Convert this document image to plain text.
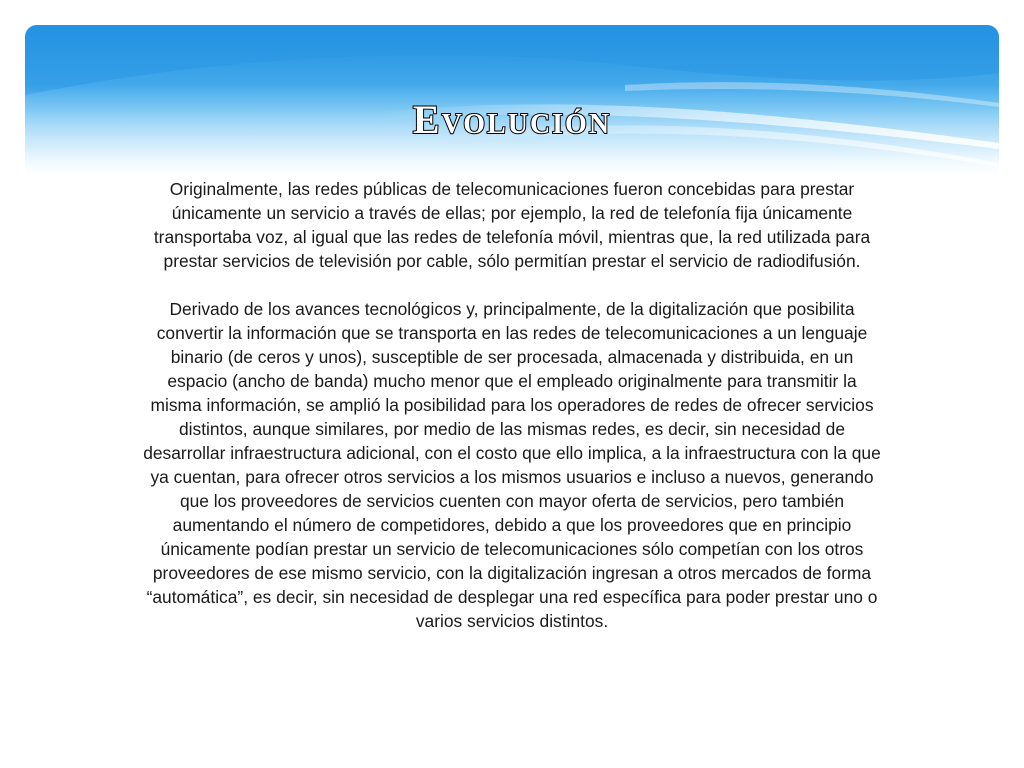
Evolución

Originalmente, las redes públicas de telecomunicaciones fueron concebidas para prestar únicamente un servicio a través de ellas; por ejemplo, la red de telefonía fija únicamente transportaba voz, al igual que las redes de telefonía móvil, mientras que, la red utilizada para prestar servicios de televisión por cable, sólo permitían prestar el servicio de radiodifusión.

Derivado de los avances tecnológicos y, principalmente, de la digitalización que posibilita convertir la información que se transporta en las redes de telecomunicaciones a un lenguaje binario (de ceros y unos), susceptible de ser procesada, almacenada y distribuida, en un espacio (ancho de banda) mucho menor que el empleado originalmente para transmitir la misma información, se amplió la posibilidad para los operadores de redes de ofrecer servicios distintos, aunque similares, por medio de las mismas redes, es decir, sin necesidad de desarrollar infraestructura adicional, con el costo que ello implica, a la infraestructura con la que ya cuentan, para ofrecer otros servicios a los mismos usuarios e incluso a nuevos, generando que los proveedores de servicios cuenten con mayor oferta de servicios, pero también aumentando el número de competidores, debido a que los proveedores que en principio únicamente podían prestar un servicio de telecomunicaciones sólo competían con los otros proveedores de ese mismo servicio, con la digitalización ingresan a otros mercados de forma “automática”, es decir, sin necesidad de desplegar una red específica para poder prestar uno o varios servicios distintos.
